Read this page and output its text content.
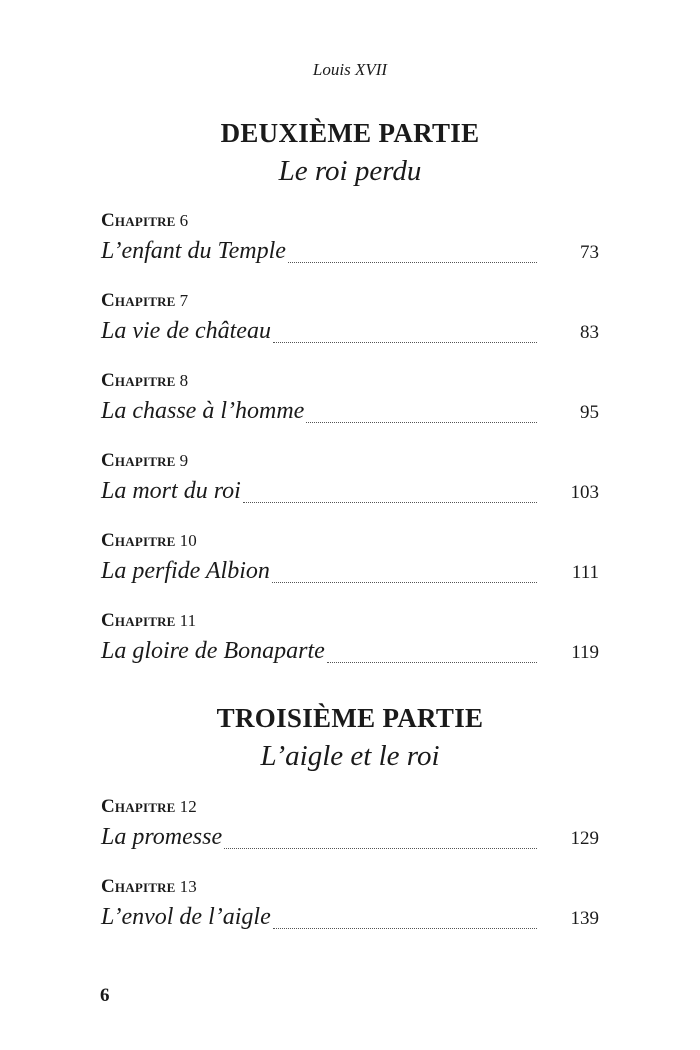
Louis XVII
DEUXIÈME PARTIE
Le roi perdu
Chapitre 6
L’enfant du Temple	73
Chapitre 7
La vie de château	83
Chapitre 8
La chasse à l’homme	95
Chapitre 9
La mort du roi	103
Chapitre 10
La perfide Albion	111
Chapitre 11
La gloire de Bonaparte	119
TROISIÈME PARTIE
L’aigle et le roi
Chapitre 12
La promesse	129
Chapitre 13
L’envol de l’aigle	139
6
